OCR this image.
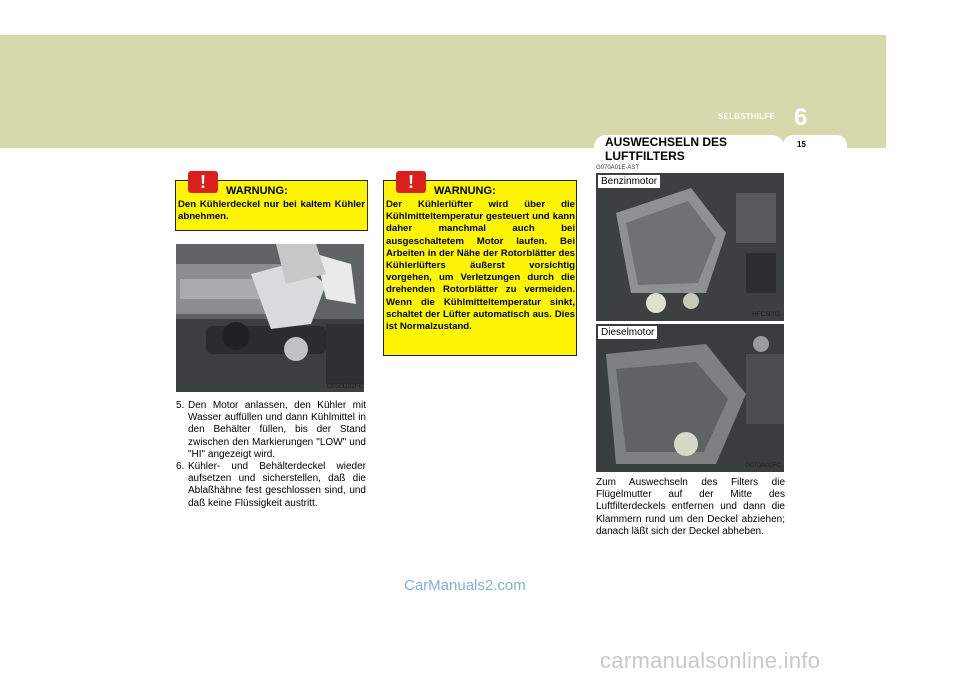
SELBSTHILFE 6
AUSWECHSELN DES LUFTFILTERS
15
!	WARNUNG:
Den Kühlerdeckel nur bei kaltem Kühler abnehmen.
!	WARNUNG:
Der Kühlerlüfter wird über die Kühlmitteltemperatur gesteuert und kann daher manchmal auch bei ausgeschaltetem Motor laufen. Bei Arbeiten in der Nähe der Rotorblätter des Kühlerlüfters äußerst vorsichtig vorgehen, um Verletzungen durch die drehenden Rotorblätter zu vermeiden. Wenn die Kühlmitteltemperatur sinkt, schaltet der Lüfter automatisch aus. Dies ist Normalzustand.
G050D02FC
5. Den Motor anlassen, den Kühler mit Wasser auffüllen und dann Kühlmittel in den Behälter füllen, bis der Stand zwischen den Markierungen "LOW" und "HI" angezeigt wird.
6. Kühler- und Behälterdeckel wieder aufsetzen und sicherstellen, daß die Ablaßhähne fest geschlossen sind, und daß keine Flüssigkeit austritt.
G070A01E-AST
Benzinmotor
HFC5003
Dieselmotor
G070A02FC
Zum Auswechseln des Filters die Flügelmutter auf der Mitte des Luftfilterdeckels entfernen und dann die Klammern rund um den Deckel abziehen; danach läßt sich der Deckel abheben.
CarManuals2.com
carmanualsonline.info
